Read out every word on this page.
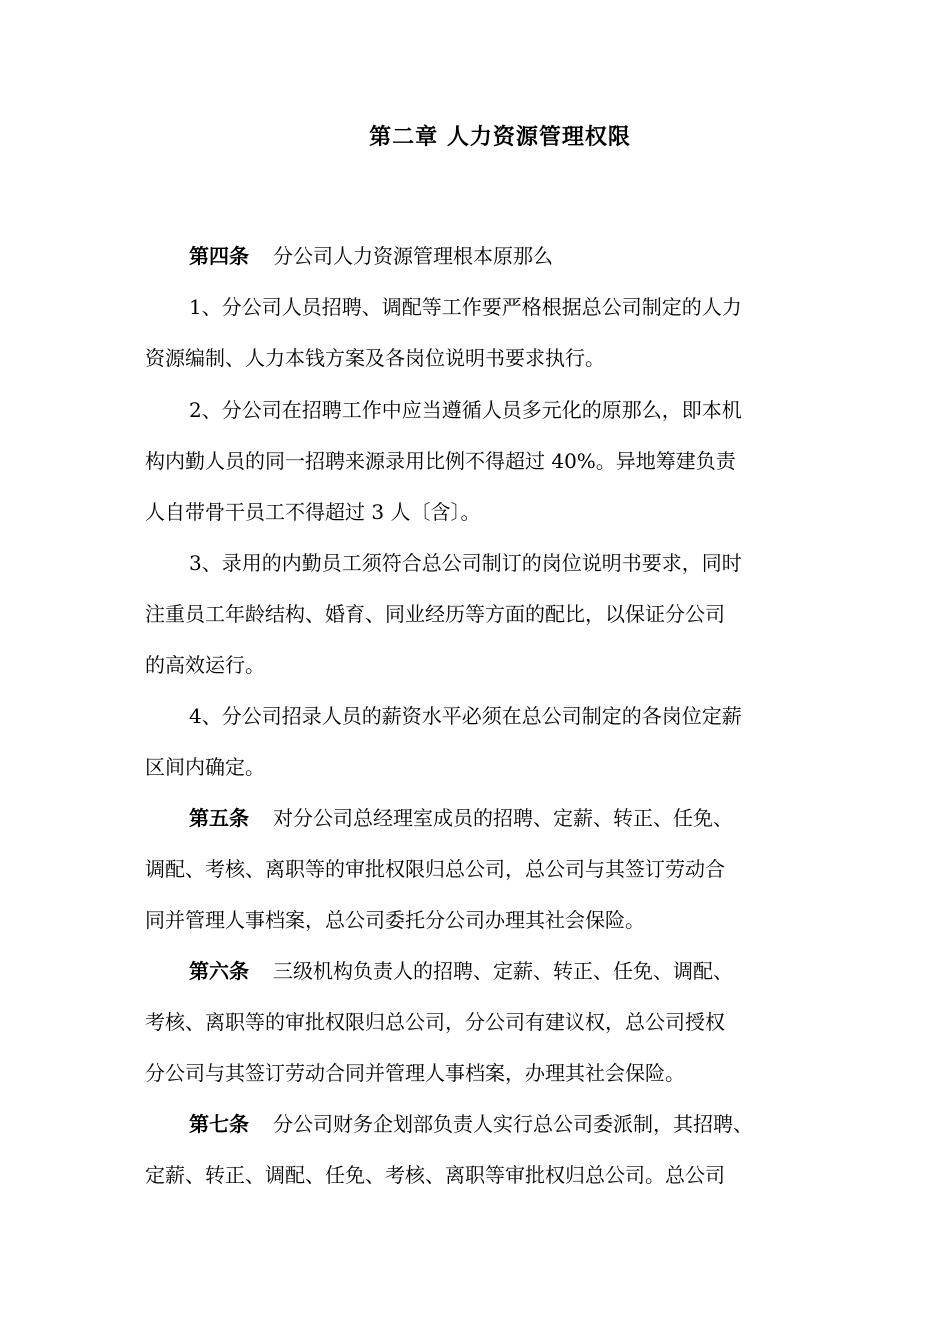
第二章 人力资源管理权限
第四条 分公司人力资源管理根本原那么
1、分公司人员招聘、调配等工作要严格根据总公司制定的人力
资源编制、人力本钱方案及各岗位说明书要求执行。
2、分公司在招聘工作中应当遵循人员多元化的原那么，即本机
构内勤人员的同一招聘来源录用比例不得超过 40%。异地筹建负责
人自带骨干员工不得超过 3 人〔含〕。
3、录用的内勤员工须符合总公司制订的岗位说明书要求，同时
注重员工年龄结构、婚育、同业经历等方面的配比，以保证分公司
的高效运行。
4、分公司招录人员的薪资水平必须在总公司制定的各岗位定薪
区间内确定。
第五条 对分公司总经理室成员的招聘、定薪、转正、任免、
调配、考核、离职等的审批权限归总公司，总公司与其签订劳动合
同并管理人事档案，总公司委托分公司办理其社会保险。
第六条 三级机构负责人的招聘、定薪、转正、任免、调配、
考核、离职等的审批权限归总公司，分公司有建议权，总公司授权
分公司与其签订劳动合同并管理人事档案，办理其社会保险。
第七条 分公司财务企划部负责人实行总公司委派制，其招聘、
定薪、转正、调配、任免、考核、离职等审批权归总公司。总公司
